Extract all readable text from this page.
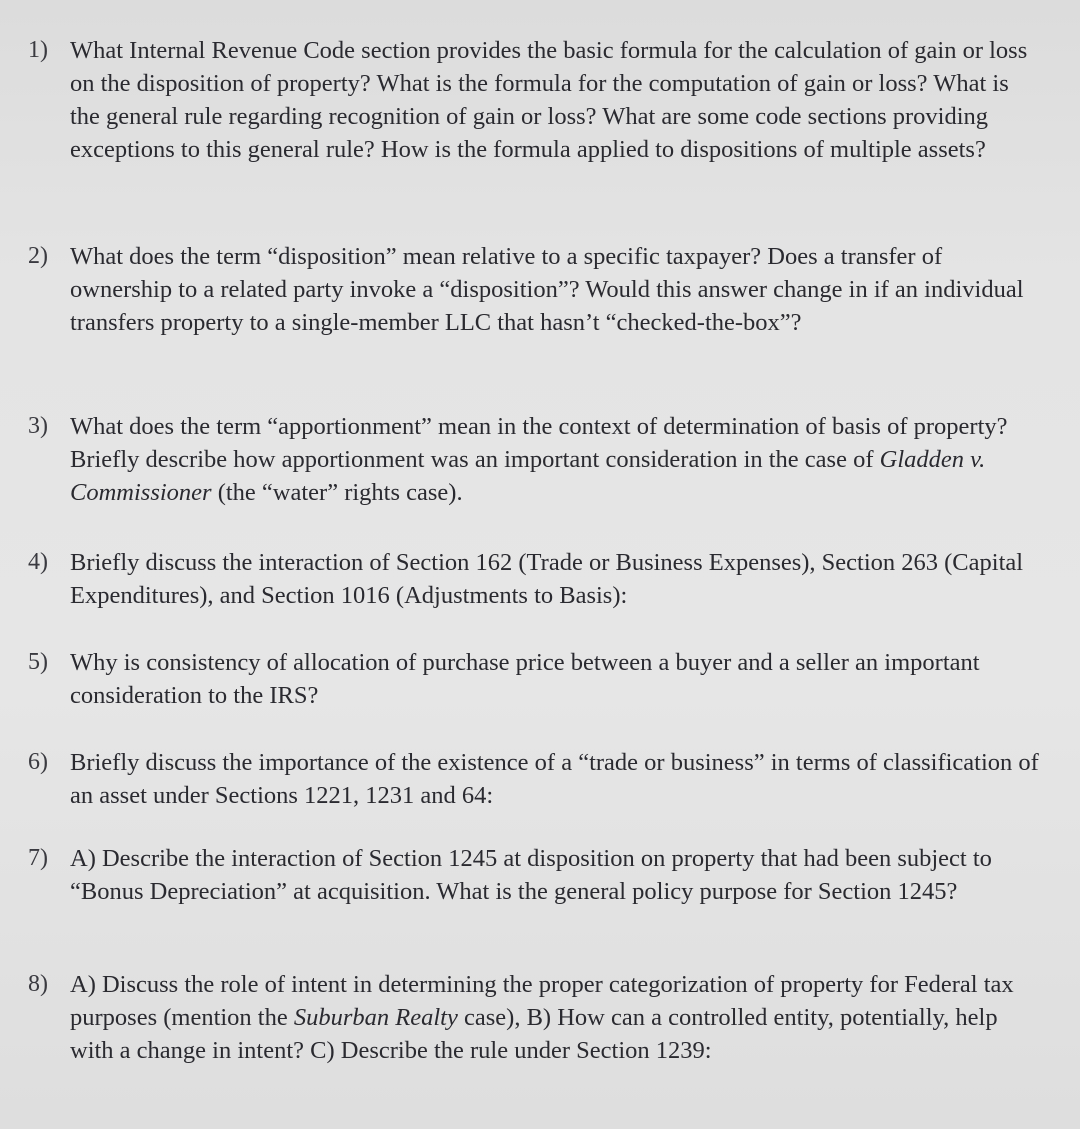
1) What Internal Revenue Code section provides the basic formula for the calculation of gain or loss on the disposition of property? What is the formula for the computation of gain or loss? What is the general rule regarding recognition of gain or loss? What are some code sections providing exceptions to this general rule? How is the formula applied to dispositions of multiple assets?
2) What does the term “disposition” mean relative to a specific taxpayer? Does a transfer of ownership to a related party invoke a “disposition”? Would this answer change in if an individual transfers property to a single-member LLC that hasn’t “checked-the-box”?
3) What does the term “apportionment” mean in the context of determination of basis of property? Briefly describe how apportionment was an important consideration in the case of Gladden v. Commissioner (the “water” rights case).
4) Briefly discuss the interaction of Section 162 (Trade or Business Expenses), Section 263 (Capital Expenditures), and Section 1016 (Adjustments to Basis):
5) Why is consistency of allocation of purchase price between a buyer and a seller an important consideration to the IRS?
6) Briefly discuss the importance of the existence of a “trade or business” in terms of classification of an asset under Sections 1221, 1231 and 64:
7) A) Describe the interaction of Section 1245 at disposition on property that had been subject to “Bonus Depreciation” at acquisition. What is the general policy purpose for Section 1245?
8) A) Discuss the role of intent in determining the proper categorization of property for Federal tax purposes (mention the Suburban Realty case), B) How can a controlled entity, potentially, help with a change in intent? C) Describe the rule under Section 1239:
